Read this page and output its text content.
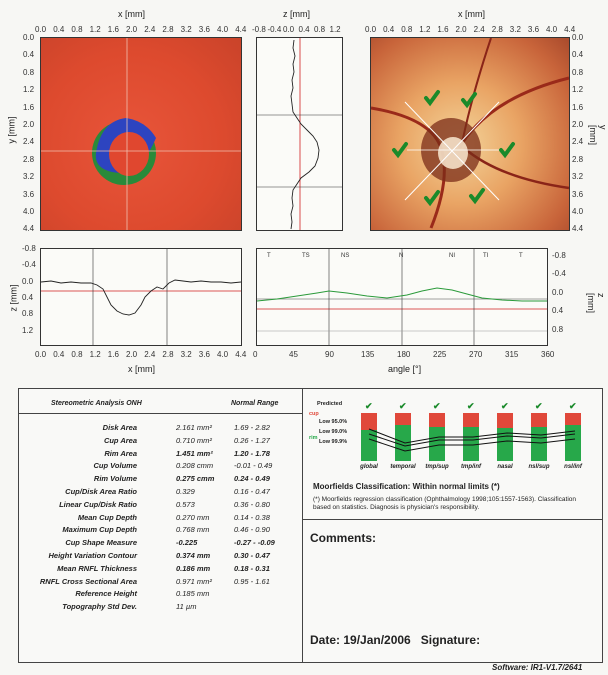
x [mm]	z [mm]	x [mm]
y [mm]	y [mm]
0.0 0.4 0.8 1.2 1.6 2.0 2.4 2.8 3.2 3.6 4.0 4.4	0.0 0.4 0.8 1.2 1.6 2.0 2.4 2.8 3.2 3.6 4.0 4.4
0.0
0.4
0.8
1.2
1.6
2.0
2.4
2.8
3.2
3.6
4.0
4.4
0.0
0.4
0.8
1.2
1.6
2.0
2.4
2.8
3.2
3.6
4.0
4.4
-0.8 -0.4 0.0 0.4 0.8 1.2
-0.8
-0.4
0.0
0.4
0.8
1.2
0.0 0.4 0.8 1.2 1.6 2.0 2.4 2.8 3.2 3.6 4.0 4.4
-0.8
-0.4
0.0
0.4
0.8
0	45	90	135	180	225	270	315	360
z [mm]	z [mm]
x [mm]	angle [°]
T	TS	NS	N	NI	TI	T
Stereometric Analysis ONH	Normal Range
Disk Area	2.161 mm²	1.69 - 2.82
Cup Area	0.710 mm²	0.26 - 1.27
Rim Area	1.451 mm²	1.20 - 1.78
Cup Volume	0.208 cmm	-0.01 - 0.49
Rim Volume	0.275 cmm	0.24 - 0.49
Cup/Disk Area Ratio	0.329	0.16 - 0.47
Linear Cup/Disk Ratio	0.573	0.36 - 0.80
Mean Cup Depth	0.270 mm	0.14 - 0.38
Maximum Cup Depth	0.768 mm	0.46 - 0.90
Cup Shape Measure	-0.225	-0.27 - -0.09
Height Variation Contour	0.374 mm	0.30 - 0.47
Mean RNFL Thickness	0.186 mm	0.18 - 0.31
RNFL Cross Sectional Area	0.971 mm²	0.95 - 1.61
Reference Height	0.185 mm
Topography Std Dev.	11 µm
Predicted
cup
Low 95.0%
Low 99.0%
rim
Low 99.9%
✔
global
✔
temporal
✔
tmp/sup
✔
tmp/inf
✔
nasal
✔
nsl/sup
✔
nsl/inf
Moorfields Classification: Within normal limits (*)
(*) Moorfields regression classification (Ophthalmology 1998;105:1557-1563). Classification based on statistics. Diagnosis is physician's responsibility.
Comments:
Date: 19/Jan/2006   Signature:
Software: IR1-V1.7/2641
